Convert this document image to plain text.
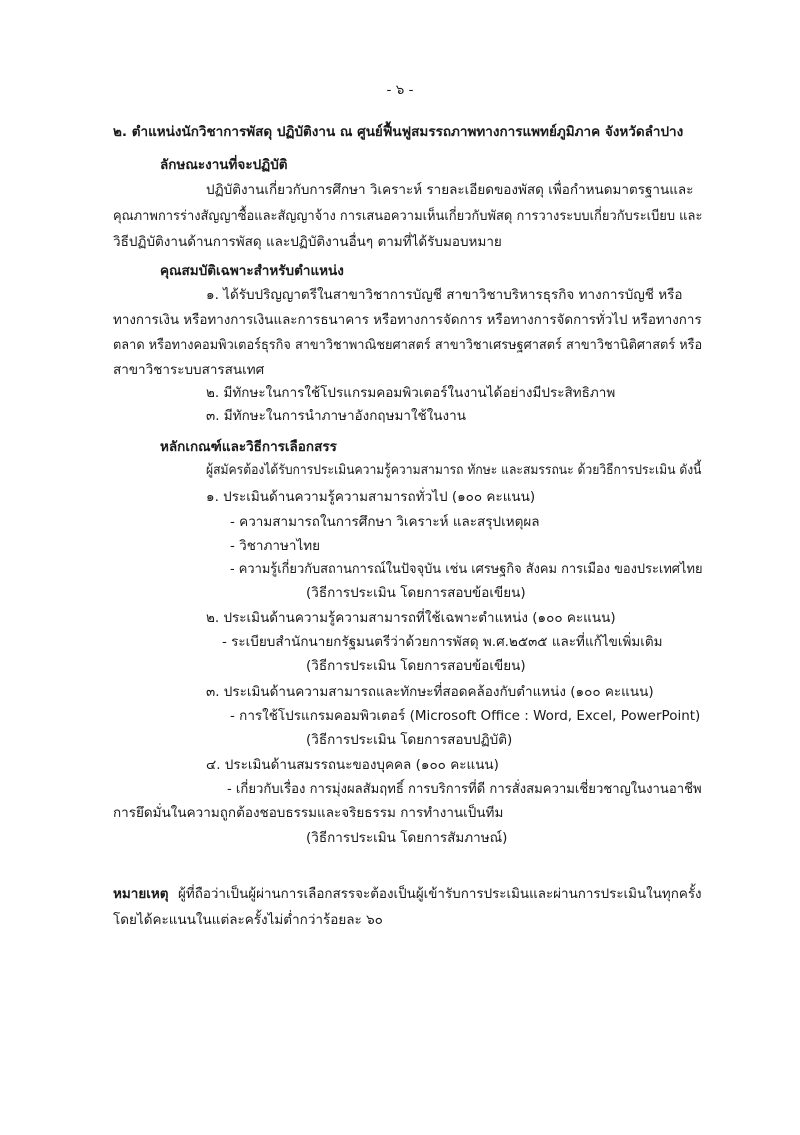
- ๖ -
๒. ตำแหน่งนักวิชาการพัสดุ ปฏิบัติงาน ณ ศูนย์ฟื้นฟูสมรรถภาพทางการแพทย์ภูมิภาค จังหวัดลำปาง
ลักษณะงานที่จะปฏิบัติ
ปฏิบัติงานเกี่ยวกับการศึกษา วิเคราะห์ รายละเอียดของพัสดุ เพื่อกำหนดมาตรฐานและ
คุณภาพการร่างสัญญาซื้อและสัญญาจ้าง การเสนอความเห็นเกี่ยวกับพัสดุ การวางระบบเกี่ยวกับระเบียบ และ
วิธีปฏิบัติงานด้านการพัสดุ และปฏิบัติงานอื่นๆ ตามที่ได้รับมอบหมาย
คุณสมบัติเฉพาะสำหรับตำแหน่ง
๑. ได้รับปริญญาตรีในสาขาวิชาการบัญชี สาขาวิชาบริหารธุรกิจ ทางการบัญชี หรือ
ทางการเงิน หรือทางการเงินและการธนาคาร หรือทางการจัดการ หรือทางการจัดการทั่วไป หรือทางการ
ตลาด หรือทางคอมพิวเตอร์ธุรกิจ สาขาวิชาพาณิชยศาสตร์ สาขาวิชาเศรษฐศาสตร์ สาขาวิชานิติศาสตร์ หรือ
สาขาวิชาระบบสารสนเทศ
๒. มีทักษะในการใช้โปรแกรมคอมพิวเตอร์ในงานได้อย่างมีประสิทธิภาพ
๓. มีทักษะในการนำภาษาอังกฤษมาใช้ในงาน
หลักเกณฑ์และวิธีการเลือกสรร
ผู้สมัครต้องได้รับการประเมินความรู้ความสามารถ ทักษะ และสมรรถนะ ด้วยวิธีการประเมิน ดังนี้
๑. ประเมินด้านความรู้ความสามารถทั่วไป (๑๐๐ คะแนน)
- ความสามารถในการศึกษา วิเคราะห์ และสรุปเหตุผล
- วิชาภาษาไทย
- ความรู้เกี่ยวกับสถานการณ์ในปัจจุบัน เช่น เศรษฐกิจ สังคม การเมือง ของประเทศไทย
(วิธีการประเมิน โดยการสอบข้อเขียน)
๒. ประเมินด้านความรู้ความสามารถที่ใช้เฉพาะตำแหน่ง (๑๐๐ คะแนน)
- ระเบียบสำนักนายกรัฐมนตรีว่าด้วยการพัสดุ พ.ศ.๒๕๓๕ และที่แก้ไขเพิ่มเติม
(วิธีการประเมิน โดยการสอบข้อเขียน)
๓. ประเมินด้านความสามารถและทักษะที่สอดคล้องกับตำแหน่ง (๑๐๐ คะแนน)
- การใช้โปรแกรมคอมพิวเตอร์ (Microsoft Office : Word, Excel, PowerPoint)
(วิธีการประเมิน โดยการสอบปฏิบัติ)
๔. ประเมินด้านสมรรถนะของบุคคล (๑๐๐ คะแนน)
- เกี่ยวกับเรื่อง การมุ่งผลสัมฤทธิ์ การบริการที่ดี การสั่งสมความเชี่ยวชาญในงานอาชีพ
การยึดมั่นในความถูกต้องชอบธรรมและจริยธรรม การทำงานเป็นทีม
(วิธีการประเมิน โดยการสัมภาษณ์)
หมายเหตุ ผู้ที่ถือว่าเป็นผู้ผ่านการเลือกสรรจะต้องเป็นผู้เข้ารับการประเมินและผ่านการประเมินในทุกครั้ง
โดยได้คะแนนในแต่ละครั้งไม่ต่ำกว่าร้อยละ ๖๐
